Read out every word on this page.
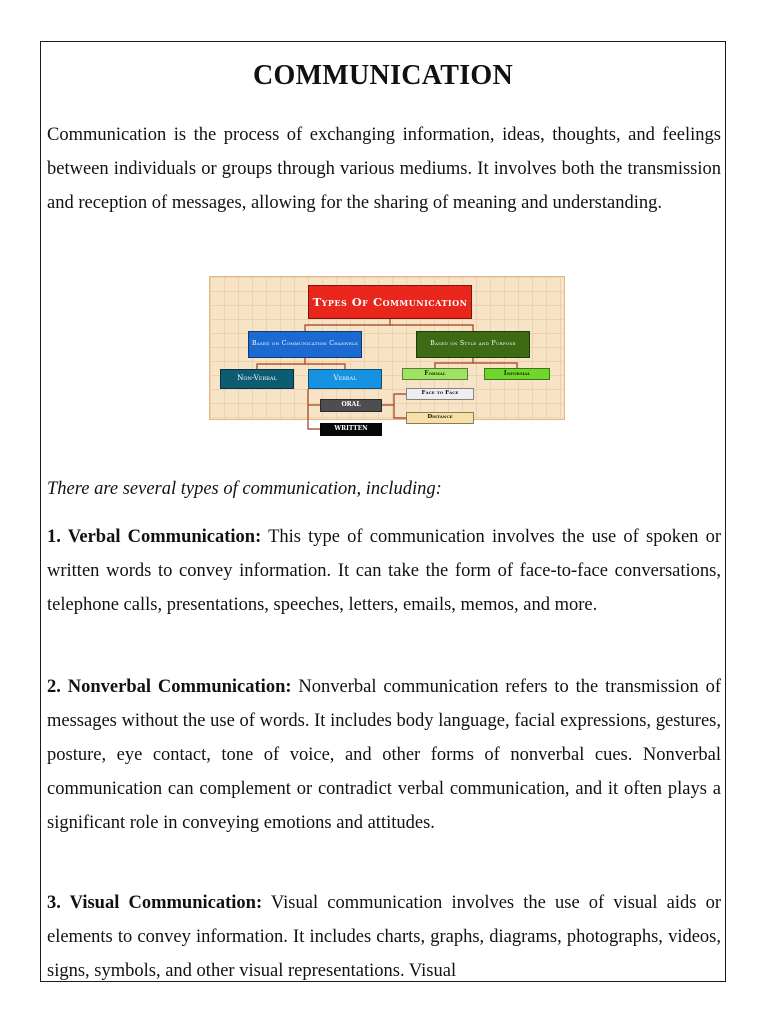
COMMUNICATION

Communication is the process of exchanging information, ideas, thoughts, and feelings between individuals or groups through various mediums. It involves both the transmission and reception of messages, allowing for the sharing of meaning and understanding.

Types Of Communication
Based on Communication Channels	Based on Style and Purpose
Non-Verbal	Verbal
Formal	Informal
ORAL
WRITTEN
Face to Face
Distance

There are several types of communication, including:

1. Verbal Communication: This type of communication involves the use of spoken or written words to convey information. It can take the form of face-to-face conversations, telephone calls, presentations, speeches, letters, emails, memos, and more.

2. Nonverbal Communication: Nonverbal communication refers to the transmission of messages without the use of words. It includes body language, facial expressions, gestures, posture, eye contact, tone of voice, and other forms of nonverbal cues. Nonverbal communication can complement or contradict verbal communication, and it often plays a significant role in conveying emotions and attitudes.

3. Visual Communication: Visual communication involves the use of visual aids or elements to convey information. It includes charts, graphs, diagrams, photographs, videos, signs, symbols, and other visual representations. Visual
